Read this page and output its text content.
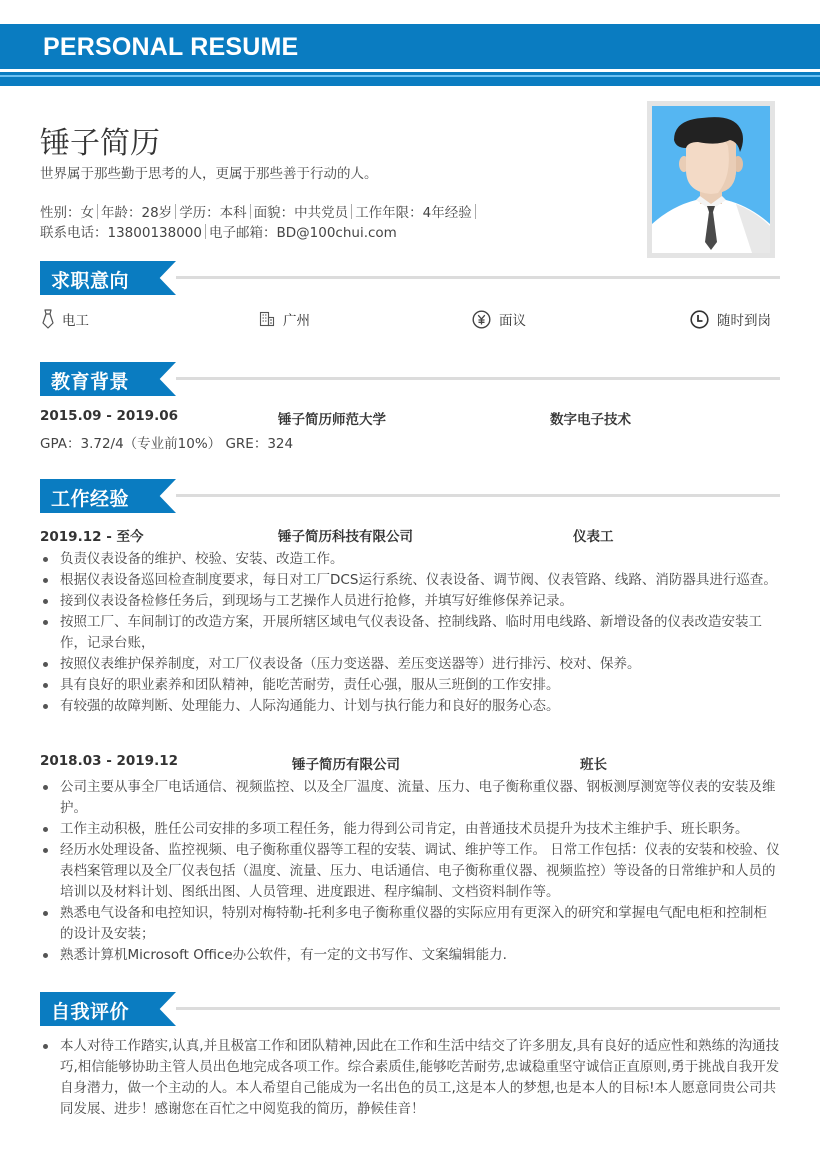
PERSONAL RESUME
锤子简历
世界属于那些勤于思考的人，更属于那些善于行动的人。
性别：女 年龄：28岁 学历：本科 面貌：中共党员 工作年限：4年经验
联系电话：13800138000 电子邮箱：BD@100chui.com
求职意向
电工	广州	面议	随时到岗
教育背景
2015.09 - 2019.06	锤子简历师范大学	数字电子技术
GPA：3.72/4（专业前10%） GRE：324
工作经验
2019.12 - 至今	锤子简历科技有限公司	仪表工
负责仪表设备的维护、校验、安装、改造工作。
根据仪表设备巡回检查制度要求，每日对工厂DCS运行系统、仪表设备、调节阀、仪表管路、线路、消防器具进行巡查。
接到仪表设备检修任务后，到现场与工艺操作人员进行抢修，并填写好维修保养记录。
按照工厂、车间制订的改造方案，开展所辖区域电气仪表设备、控制线路、临时用电线路、新增设备的仪表改造安装工作，记录台账，
按照仪表维护保养制度，对工厂仪表设备（压力变送器、差压变送器等）进行排污、校对、保养。
具有良好的职业素养和团队精神，能吃苦耐劳，责任心强，服从三班倒的工作安排。
有较强的故障判断、处理能力、人际沟通能力、计划与执行能力和良好的服务心态。
2018.03 - 2019.12	锤子简历有限公司	班长
公司主要从事全厂电话通信、视频监控、以及全厂温度、流量、压力、电子衡称重仪器、钢板测厚测宽等仪表的安装及维护。
工作主动积极，胜任公司安排的多项工程任务，能力得到公司肯定，由普通技术员提升为技术主维护手、班长职务。
经历水处理设备、监控视频、电子衡称重仪器等工程的安装、调试、维护等工作。 日常工作包括：仪表的安装和校验、仪表档案管理以及全厂仪表包括（温度、流量、压力、电话通信、电子衡称重仪器、视频监控）等设备的日常维护和人员的培训以及材料计划、图纸出图、人员管理、进度跟进、程序编制、文档资料制作等。
熟悉电气设备和电控知识，特别对梅特勒-托利多电子衡称重仪器的实际应用有更深入的研究和掌握电气配电柜和控制柜的设计及安装；
熟悉计算机Microsoft Office办公软件，有一定的文书写作、文案编辑能力.
自我评价
本人对待工作踏实,认真,并且极富工作和团队精神,因此在工作和生活中结交了许多朋友,具有良好的适应性和熟练的沟通技巧,相信能够协助主管人员出色地完成各项工作。综合素质佳,能够吃苦耐劳,忠诚稳重坚守诚信正直原则,勇于挑战自我开发自身潜力，做一个主动的人。本人希望自己能成为一名出色的员工,这是本人的梦想,也是本人的目标!本人愿意同贵公司共同发展、进步！感谢您在百忙之中阅览我的简历，静候佳音！
